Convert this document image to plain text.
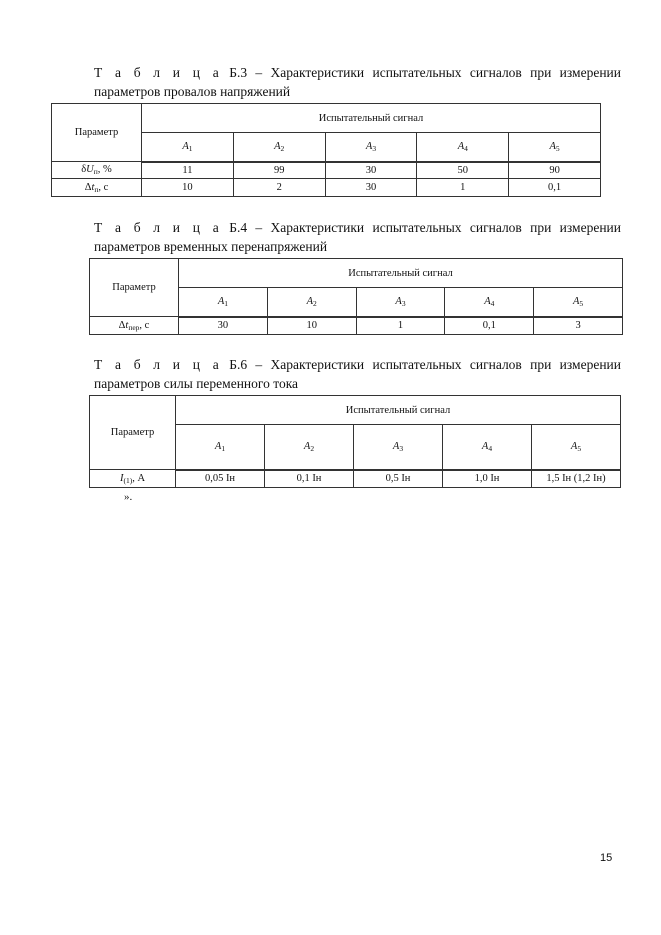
Т а б л и ц а Б.3 – Характеристики испытательных сигналов при измерении параметров провалов напряжений
Параметр	Испытательный сигнал				
	$A_1$	$A_2$	$A_3$	$A_4$	$A_5$
$\delta U_п$, %	11	99	30	50	90
$\Delta t_п$, с	10	2	30	1	0,1
Т а б л и ц а Б.4 – Характеристики испытательных сигналов при измерении параметров временных перенапряжений
Параметр	Испытательный сигнал				
	$A_1$	$A_2$	$A_3$	$A_4$	$A_5$
$\Delta t_{пер}$, с	30	10	1	0,1	3
Т а б л и ц а Б.6 – Характеристики испытательных сигналов при измерении параметров силы переменного тока
Параметр	Испытательный сигнал				
	$A_1$	$A_2$	$A_3$	$A_4$	$A_5$
$I_{(1)}$, А	0,05 Iн	0,1 Iн	0,5 Iн	1,0 Iн	1,5 Iн (1,2 Iн)
».
15
